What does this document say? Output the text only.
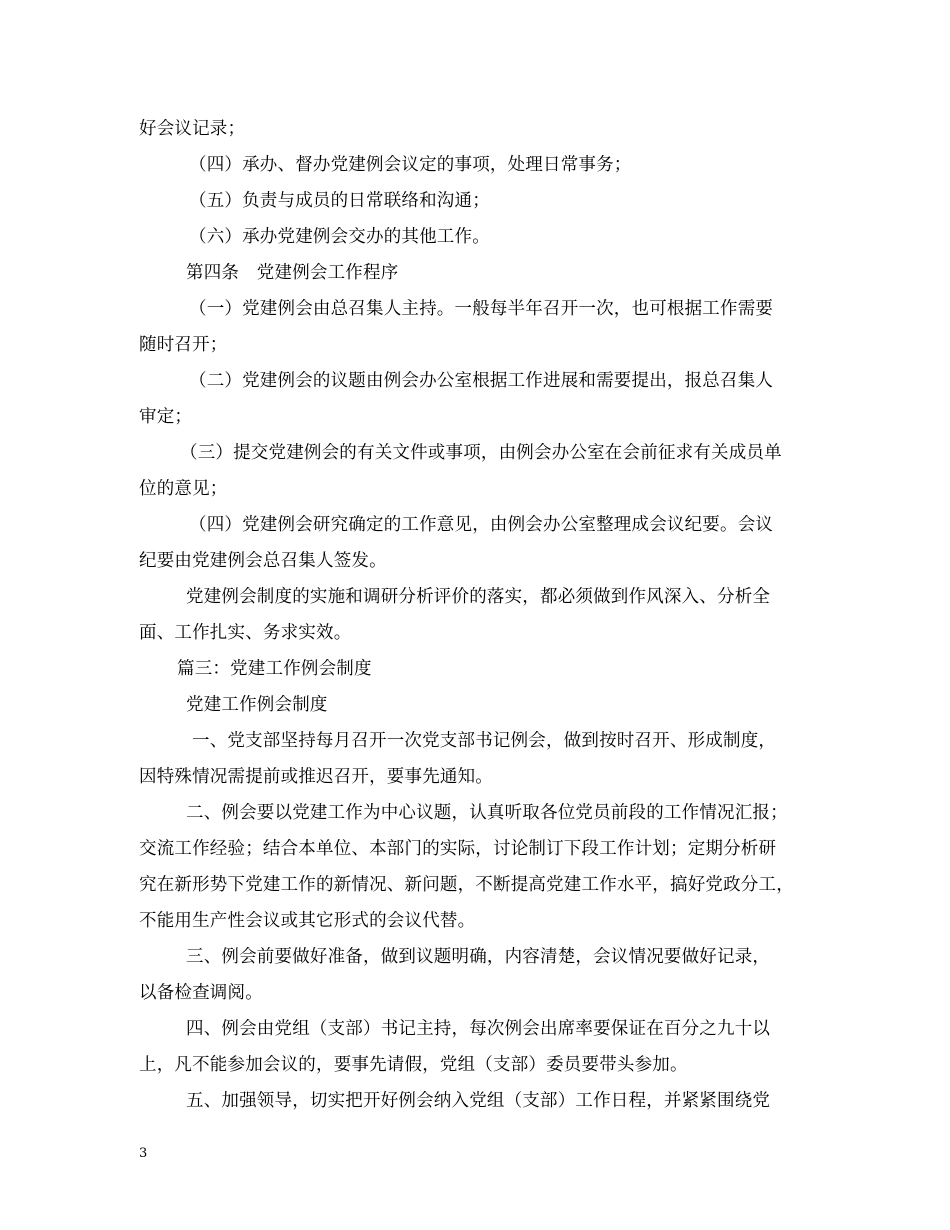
好会议记录；
（四）承办、督办党建例会议定的事项，处理日常事务；
（五）负责与成员的日常联络和沟通；
（六）承办党建例会交办的其他工作。
第四条　党建例会工作程序
（一）党建例会由总召集人主持。一般每半年召开一次，也可根据工作需要
随时召开；
（二）党建例会的议题由例会办公室根据工作进展和需要提出，报总召集人
审定；
（三）提交党建例会的有关文件或事项，由例会办公室在会前征求有关成员单
位的意见；
（四）党建例会研究确定的工作意见，由例会办公室整理成会议纪要。会议
纪要由党建例会总召集人签发。
党建例会制度的实施和调研分析评价的落实，都必须做到作风深入、分析全
面、工作扎实、务求实效。
篇三：党建工作例会制度
党建工作例会制度
一、党支部坚持每月召开一次党支部书记例会，做到按时召开、形成制度，
因特殊情况需提前或推迟召开，要事先通知。
二、例会要以党建工作为中心议题，认真听取各位党员前段的工作情况汇报；
交流工作经验；结合本单位、本部门的实际，讨论制订下段工作计划；定期分析研
究在新形势下党建工作的新情况、新问题，不断提高党建工作水平，搞好党政分工，
不能用生产性会议或其它形式的会议代替。
三、例会前要做好准备，做到议题明确，内容清楚，会议情况要做好记录，
以备检查调阅。
四、例会由党组（支部）书记主持，每次例会出席率要保证在百分之九十以
上，凡不能参加会议的，要事先请假，党组（支部）委员要带头参加。
五、加强领导，切实把开好例会纳入党组（支部）工作日程，并紧紧围绕党
3
